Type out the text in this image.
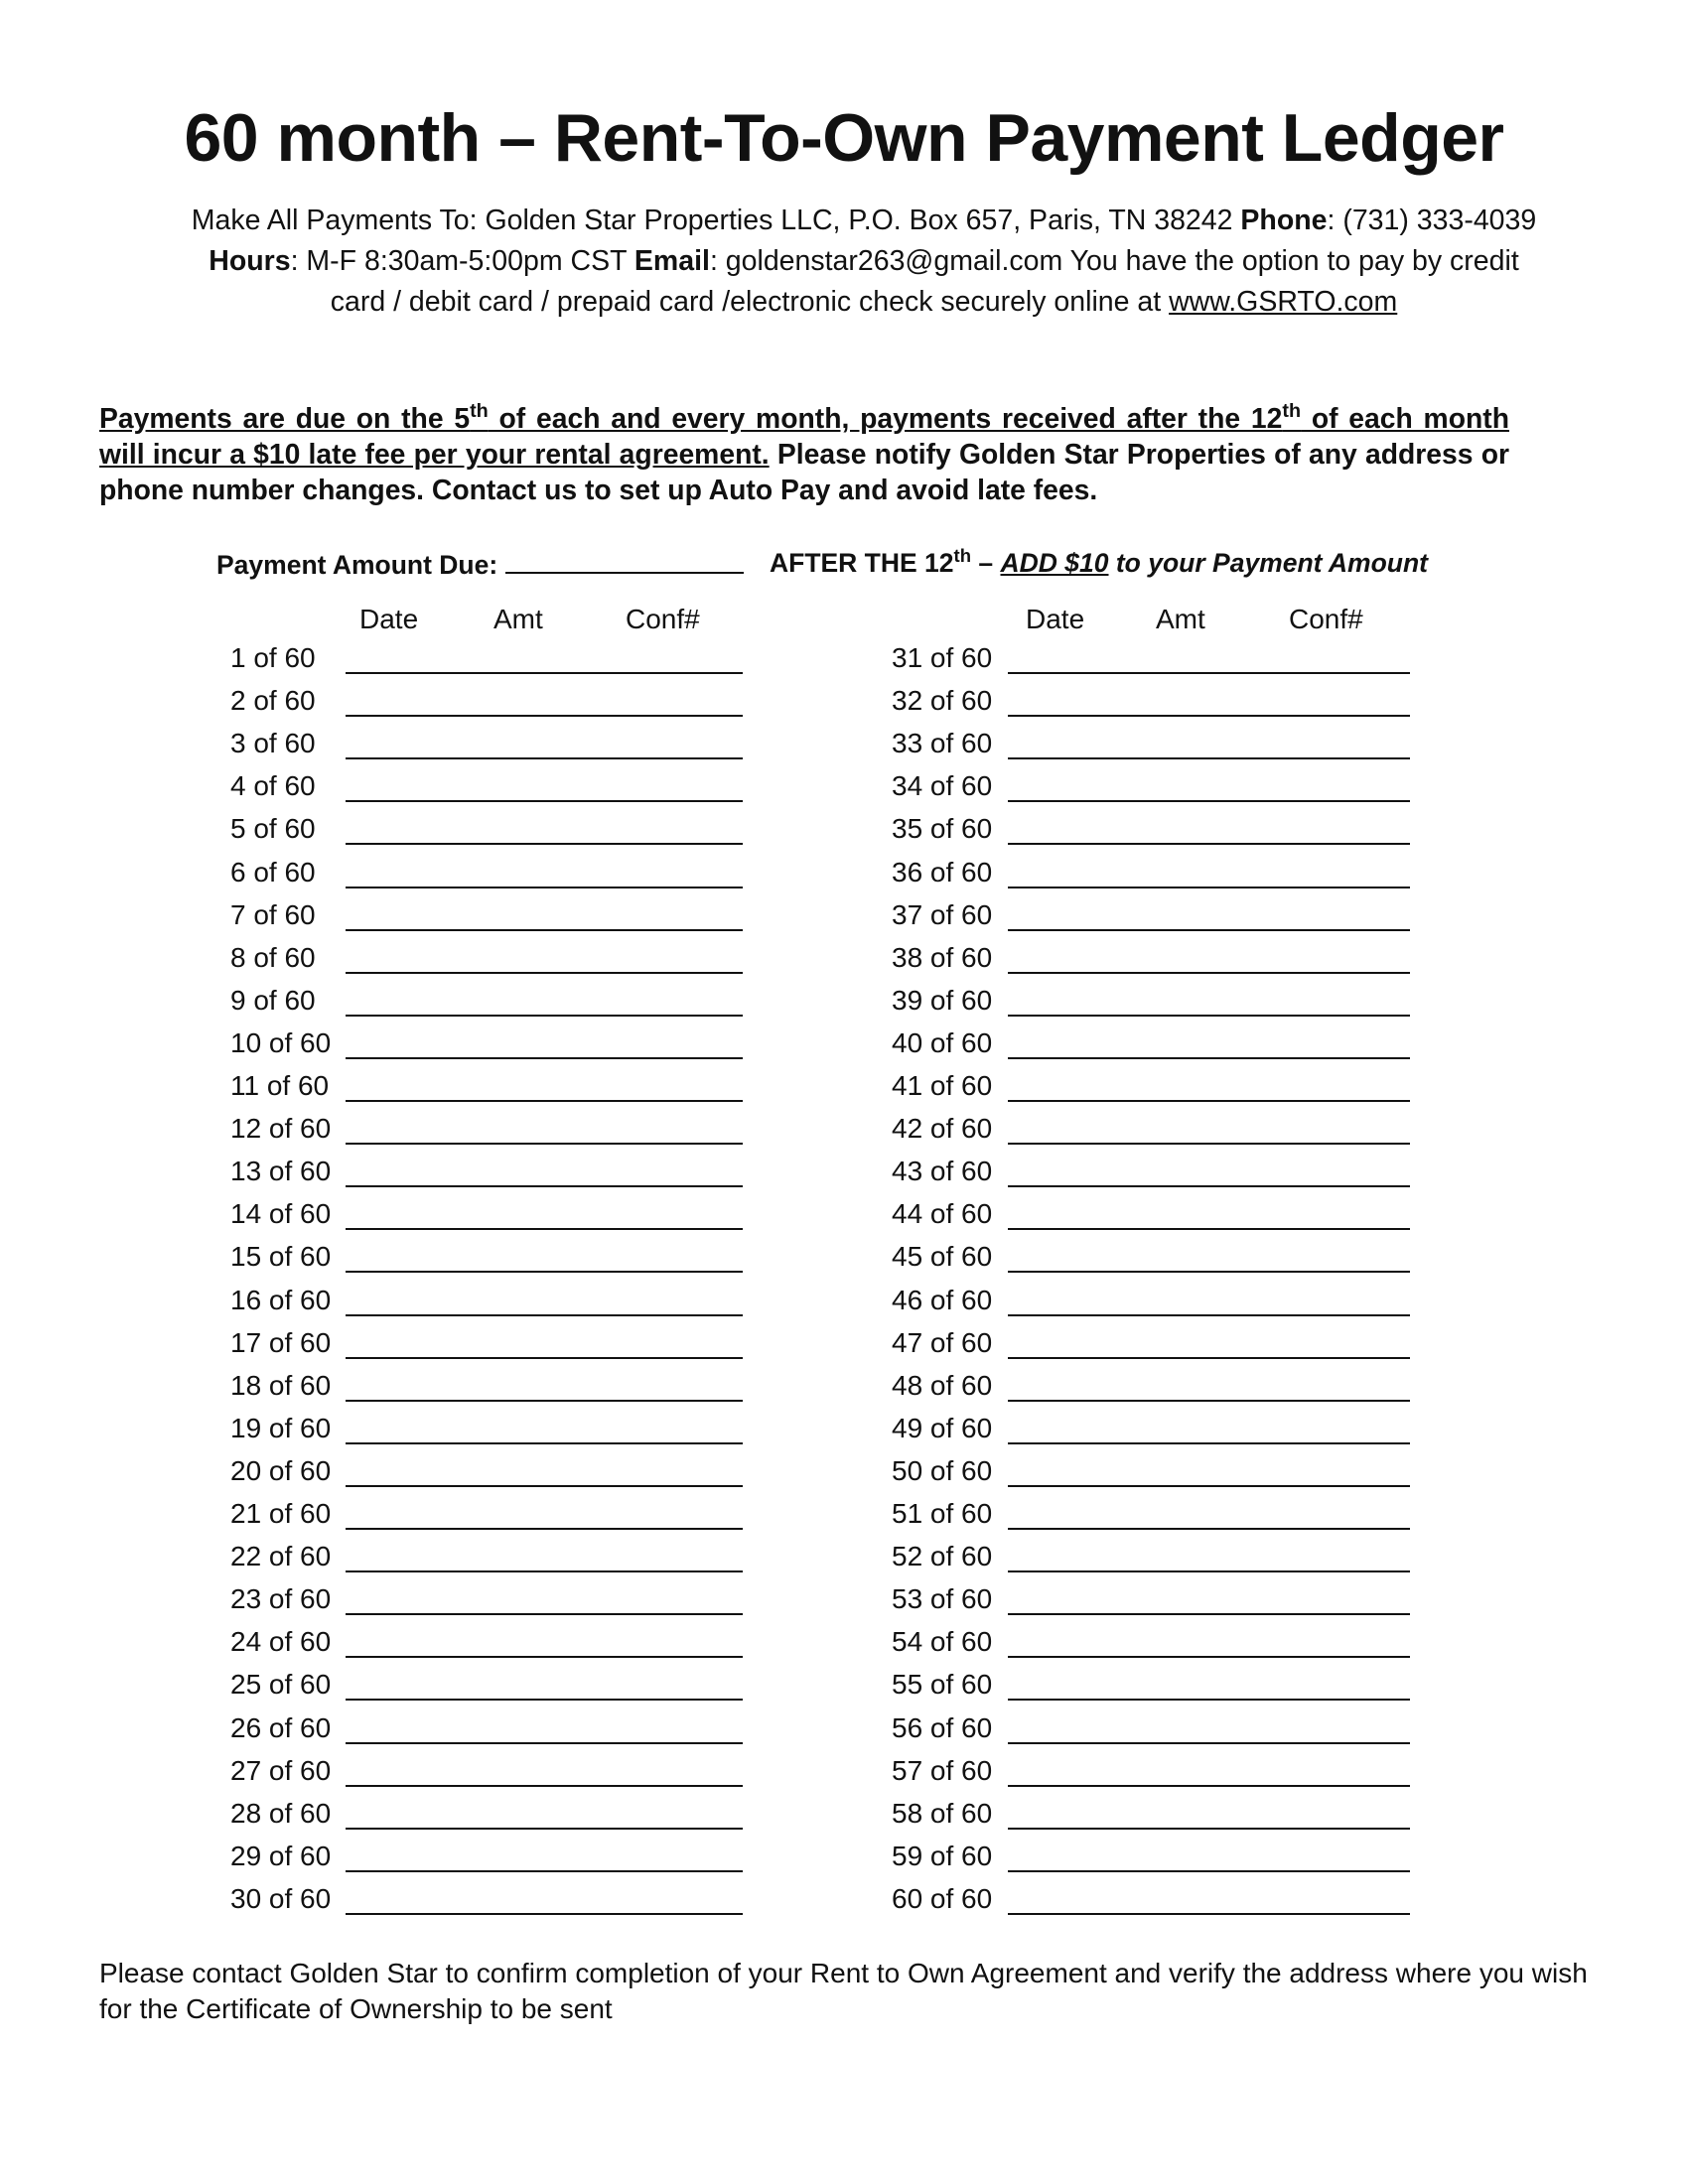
60 month – Rent-To-Own Payment Ledger
Make All Payments To: Golden Star Properties LLC, P.O. Box 657, Paris, TN 38242 Phone: (731) 333-4039 Hours: M-F 8:30am-5:00pm CST Email: goldenstar263@gmail.com You have the option to pay by credit card / debit card / prepaid card /electronic check securely online at www.GSRTO.com
Payments are due on the 5th of each and every month, payments received after the 12th of each month will incur a $10 late fee per your rental agreement. Please notify Golden Star Properties of any address or phone number changes. Contact us to set up Auto Pay and avoid late fees.
Payment Amount Due:	AFTER THE 12th – ADD $10 to your Payment Amount
Date	Amt	Conf#	Date	Amt	Conf#
1 of 60
2 of 60
3 of 60
4 of 60
5 of 60
6 of 60
7 of 60
8 of 60
9 of 60
10 of 60
11 of 60
12 of 60
13 of 60
14 of 60
15 of 60
16 of 60
17 of 60
18 of 60
19 of 60
20 of 60
21 of 60
22 of 60
23 of 60
24 of 60
25 of 60
26 of 60
27 of 60
28 of 60
29 of 60
30 of 60
31 of 60
32 of 60
33 of 60
34 of 60
35 of 60
36 of 60
37 of 60
38 of 60
39 of 60
40 of 60
41 of 60
42 of 60
43 of 60
44 of 60
45 of 60
46 of 60
47 of 60
48 of 60
49 of 60
50 of 60
51 of 60
52 of 60
53 of 60
54 of 60
55 of 60
56 of 60
57 of 60
58 of 60
59 of 60
60 of 60
Please contact Golden Star to confirm completion of your Rent to Own Agreement and verify the address where you wish for the Certificate of Ownership to be sent
